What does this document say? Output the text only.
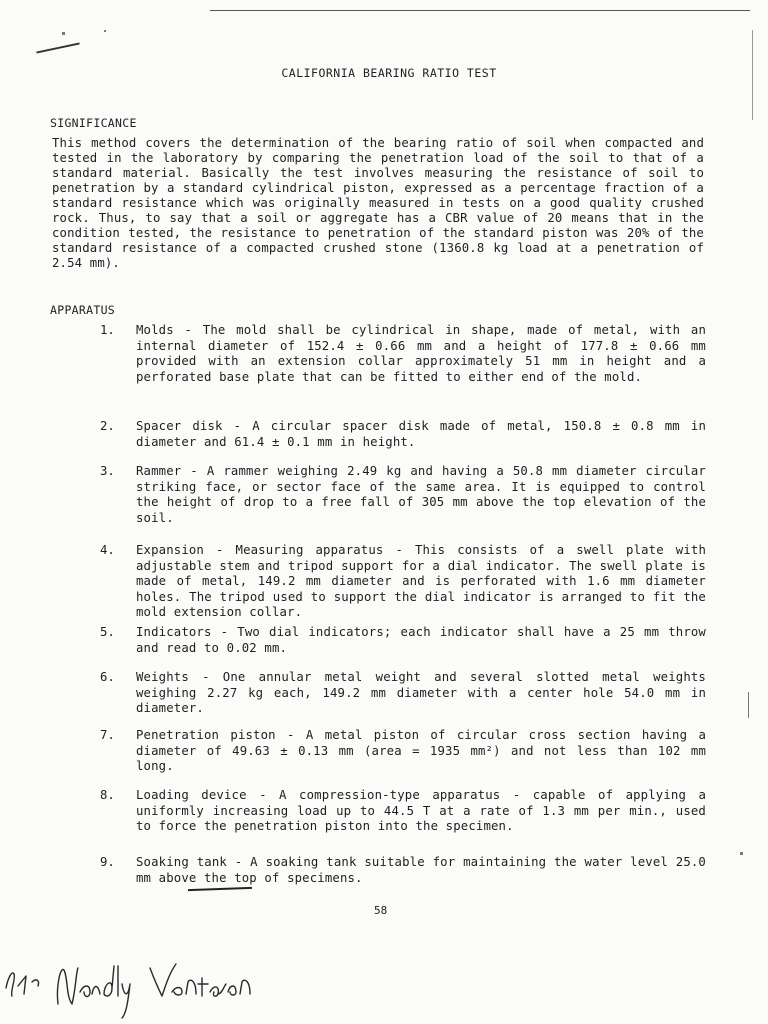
CALIFORNIA BEARING RATIO TEST
SIGNIFICANCE

This method covers the determination of the bearing ratio of soil when compacted and tested in the laboratory by comparing the penetration load of the soil to that of a standard material. Basically the test involves measuring the resistance of soil to penetration by a standard cylindrical piston, expressed as a percentage fraction of a standard resistance which was originally measured in tests on a good quality crushed rock. Thus, to say that a soil or aggregate has a CBR value of 20 means that in the condition tested, the resistance to penetration of the standard piston was 20% of the standard resistance of a compacted crushed stone (1360.8 kg load at a penetration of 2.54 mm).

APPARATUS
1.	Molds - The mold shall be cylindrical in shape, made of metal, with an internal diameter of 152.4 ± 0.66 mm and a height of 177.8 ± 0.66 mm provided with an extension collar approximately 51 mm in height and a perforated base plate that can be fitted to either end of the mold.
2.	Spacer disk - A circular spacer disk made of metal, 150.8 ± 0.8 mm in diameter and 61.4 ± 0.1 mm in height.
3.	Rammer - A rammer weighing 2.49 kg and having a 50.8 mm diameter circular striking face, or sector face of the same area. It is equipped to control the height of drop to a free fall of 305 mm above the top elevation of the soil.
4.	Expansion - Measuring apparatus - This consists of a swell plate with adjustable stem and tripod support for a dial indicator. The swell plate is made of metal, 149.2 mm diameter and is perforated with 1.6 mm diameter holes. The tripod used to support the dial indicator is arranged to fit the mold extension collar.
5.	Indicators - Two dial indicators; each indicator shall have a 25 mm throw and read to 0.02 mm.
6.	Weights - One annular metal weight and several slotted metal weights weighing 2.27 kg each, 149.2 mm diameter with a center hole 54.0 mm in diameter.
7.	Penetration piston - A metal piston of circular cross section having a diameter of 49.63 ± 0.13 mm (area = 1935 mm²) and not less than 102 mm long.
8.	Loading device - A compression-type apparatus - capable of applying a uniformly increasing load up to 44.5 T at a rate of 1.3 mm per min., used to force the penetration piston into the specimen.
9.	Soaking tank - A soaking tank suitable for maintaining the water level 25.0 mm above the top of specimens.
58
Nandly Yentacan
